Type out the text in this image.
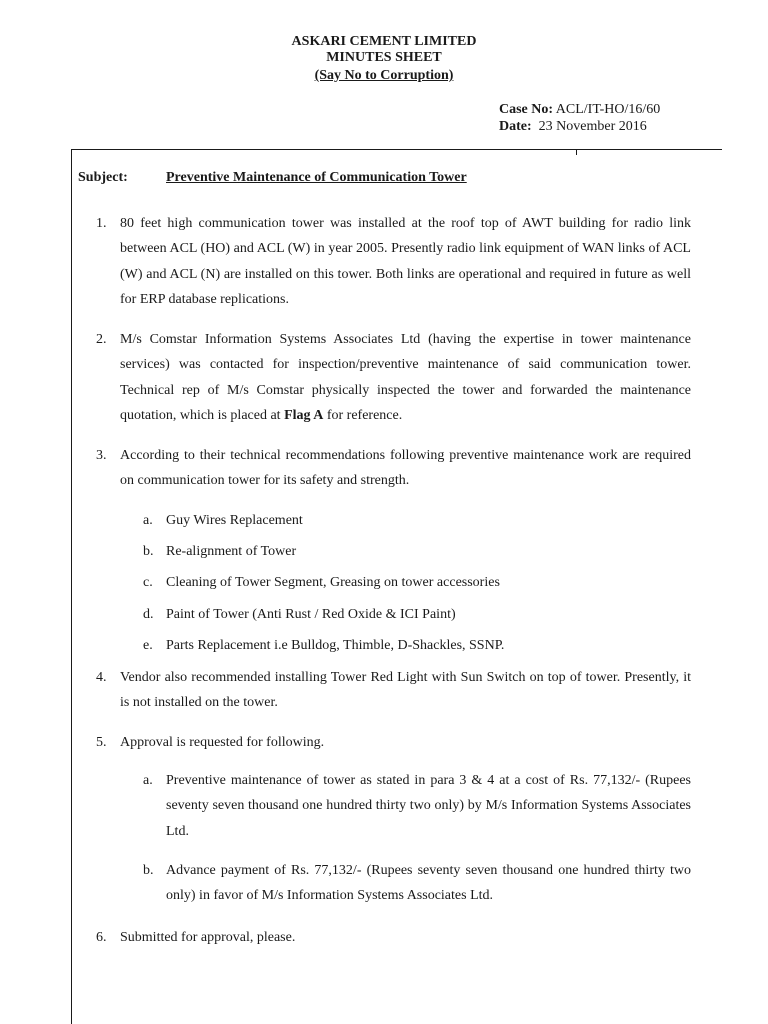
ASKARI CEMENT LIMITED
MINUTES SHEET
(Say No to Corruption)
Case No: ACL/IT-HO/16/60
Date: 23 November 2016
Subject:	Preventive Maintenance of Communication Tower
1. 80 feet high communication tower was installed at the roof top of AWT building for radio link between ACL (HO) and ACL (W) in year 2005. Presently radio link equipment of WAN links of ACL (W) and ACL (N) are installed on this tower. Both links are operational and required in future as well for ERP database replications.
2. M/s Comstar Information Systems Associates Ltd (having the expertise in tower maintenance services) was contacted for inspection/preventive maintenance of said communication tower. Technical rep of M/s Comstar physically inspected the tower and forwarded the maintenance quotation, which is placed at Flag A for reference.
3. According to their technical recommendations following preventive maintenance work are required on communication tower for its safety and strength.
a. Guy Wires Replacement
b. Re-alignment of Tower
c. Cleaning of Tower Segment, Greasing on tower accessories
d. Paint of Tower (Anti Rust / Red Oxide & ICI Paint)
e. Parts Replacement i.e Bulldog, Thimble, D-Shackles, SSNP.
4. Vendor also recommended installing Tower Red Light with Sun Switch on top of tower. Presently, it is not installed on the tower.
5. Approval is requested for following.
a. Preventive maintenance of tower as stated in para 3 & 4 at a cost of Rs. 77,132/- (Rupees seventy seven thousand one hundred thirty two only) by M/s Information Systems Associates Ltd.
b. Advance payment of Rs. 77,132/- (Rupees seventy seven thousand one hundred thirty two only) in favor of M/s Information Systems Associates Ltd.
6. Submitted for approval, please.
